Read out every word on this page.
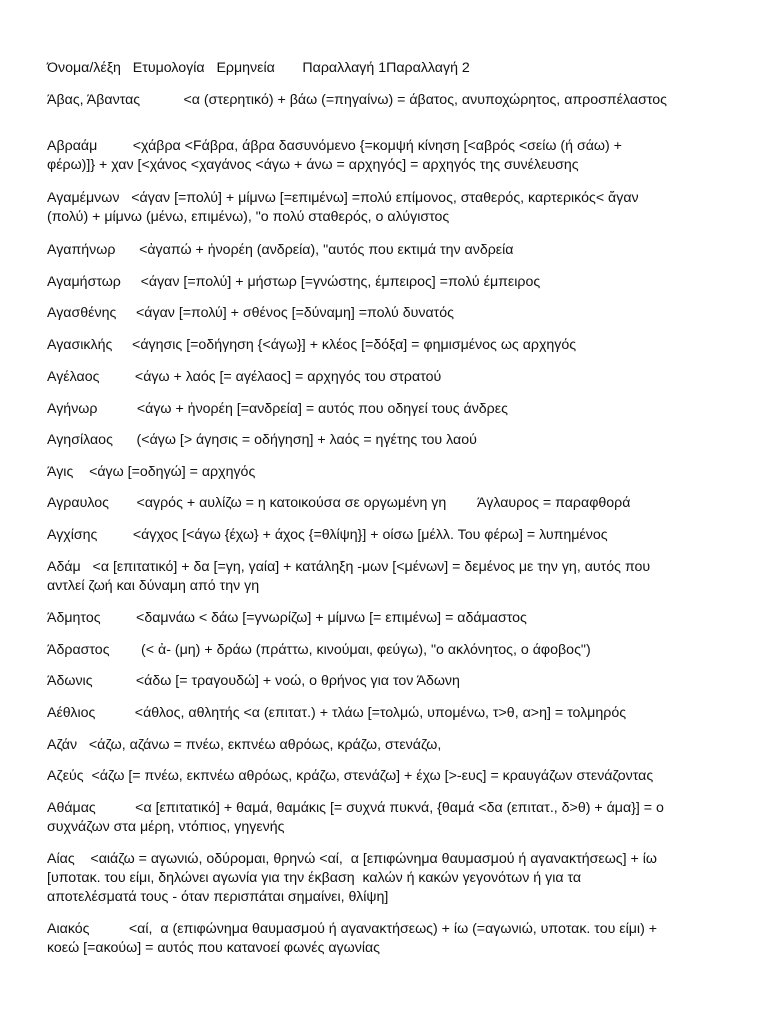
Όνομα/λέξη   Ετυμολογία   Ερμηνεία       Παραλλαγή 1Παραλλαγή 2
Άβας, Άβαντας           <α (στερητικό) + βάω (=πηγαίνω) = άβατος, ανυποχώρητος, απροσπέλαστος
Αβραάμ         <χάβρα <Fάβρα, άβρα δασυνόμενο {=κομψή κίνηση [<αβρός <σείω (ή σάω) +
φέρω)]} + χαν [<χάνος <χαγάνος <άγω + άνω = αρχηγός] = αρχηγός της συνέλευσης
Αγαμέμνων   <άγαν [=πολύ] + μίμνω [=επιμένω] =πολύ επίμονος, σταθερός, καρτερικός< ἄγαν
(πολύ) + μίμνω (μένω, επιμένω), "ο πολύ σταθερός, ο αλύγιστος
Αγαπήνωρ      <ἀγαπώ + ἠνορέη (ανδρεία), "αυτός που εκτιμά την ανδρεία
Αγαμήστωρ     <άγαν [=πολύ] + μήστωρ [=γνώστης, έμπειρος] =πολύ έμπειρος
Αγασθένης     <άγαν [=πολύ] + σθένος [=δύναμη] =πολύ δυνατός
Αγασικλής     <άγησις [=οδήγηση {<άγω}] + κλέος [=δόξα] = φημισμένος ως αρχηγός
Αγέλαος         <άγω + λαός [= αγέλαος] = αρχηγός του στρατού
Αγήνωρ          <άγω + ἠνορέη [=ανδρεία] = αυτός που οδηγεί τους άνδρες
Αγησίλαος      (<άγω [> άγησις = οδήγηση] + λαός = ηγέτης του λαού
Άγις    <άγω [=οδηγώ] = αρχηγός
Αγραυλος       <αγρός + αυλίζω = η κατοικούσα σε οργωμένη γη        Άγλαυρος = παραφθορά
Αγχίσης         <άγχος [<άγω {έχω} + άχος {=θλίψη}] + οίσω [μέλλ. Του φέρω] = λυπημένος
Αδάμ   <α [επιτατικό] + δα [=γη, γαία] + κατάληξη -μων [<μένων] = δεμένος με την γη, αυτός που
αντλεί ζωή και δύναμη από την γη
Άδμητος         <δαμνάω < δάω [=γνωρίζω] + μίμνω [= επιμένω] = αδάμαστος
Άδραστος        (< ἀ- (μη) + δράω (πράττω, κινούμαι, φεύγω), "ο ακλόνητος, ο άφοβος")
Άδωνις           <άδω [= τραγουδώ] + νοώ, ο θρήνος για τον Άδωνη
Αέθλιος          <άθλος, αθλητής <α (επιτατ.) + τλάω [=τολμώ, υπομένω, τ>θ, α>η] = τολμηρός
Αζάν   <άζω, αζάνω = πνέω, εκπνέω αθρόως, κράζω, στενάζω,
Αζεύς  <άζω [= πνέω, εκπνέω αθρόως, κράζω, στενάζω] + έχω [>-ευς] = κραυγάζων στενάζοντας
Αθάμας          <α [επιτατικό] + θαμά, θαμάκις [= συχνά πυκνά, {θαμά <δα (επιτατ., δ>θ) + άμα}] = ο
συχνάζων στα μέρη, ντόπιος, γηγενής
Αίας    <αιάζω = αγωνιώ, οδύρομαι, θρηνώ <αί,  α [επιφώνημα θαυμασμού ή αγανακτήσεως] + ίω
[υποτακ. του είμι, δηλώνει αγωνία για την έκβαση  καλών ή κακών γεγονότων ή για τα
αποτελέσματά τους - όταν περισπάται σημαίνει, θλίψη]
Αιακός          <αί,  α (επιφώνημα θαυμασμού ή αγανακτήσεως) + ίω (=αγωνιώ, υποτακ. του είμι) +
κοεώ [=ακούω] = αυτός που κατανοεί φωνές αγωνίας
